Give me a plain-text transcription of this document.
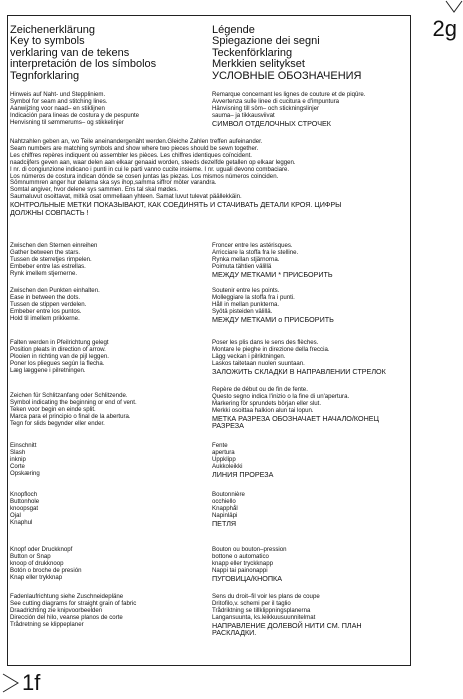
2g
1f
Zeichenerklärung
Key to symbols
verklaring van de tekens
interpretación de los símbolos
Tegnforklaring
Légende
Spiegazione dei segni
Teckenförklaring
Merkkien selitykset
УСЛОВНЫЕ ОБОЗНАЧЕНИЯ
Hinweis auf Naht- und Steppliniem.
Symbol for seam and stitching lines.
Aanwijzing voor naad– en stiklijnen
Indicación para lineas de costura y de pespunte
Henvisning til sømmerums– og stikkelinjer
Remarque concernant les lignes de couture et de piqûre.
Avvertenza sulle linee di cucitura e d'impuntura
Hänvisning till söm– och stickningslinjer
sauma– ja tikkausviivat
СИМВОЛ ОТДЕЛОЧНЫХ СТРОЧЕК
Nahtzahlen geben an, wo Teile aneinandergenäht werden.Gleiche Zahlen treffen aufeinander.
Seam numbers are matching symbols and show where two pieces should be sewn together.
Les chiffres repères indiquent où assembler les pièces. Les chiffres identiques coïncident.
naadcijfers geven aan, waar delen aan elkaar genaaid worden, steeds dezelfde getallen op elkaar leggen.
I nr. di congiunzione indicano i punti in cui le parti vanno cucite insieme. I nr. uguali devono combaciare.
Los números de costura indican dónde se cosen juntas las piezas. Los mismos números coinciden.
Sömnummren anger hur delarna ska sys ihop,samma siffror möter varandra.
Somtal angiver, hvor delene sys sammen. Ens tal skal mødes.
Saumaluvut osoittavat, mitkä osat ommellaan yhteen. Samat luvut tulevat päällekkäin.
КОНТРОЛЬНЫЕ МЕТКИ ПОКАЗЫВАЮТ, КАК СОЕДИНЯТЬ И СТАЧИВАТЬ ДЕТАЛИ КРОЯ. ЦИФРЫ
ДОЛЖНЫ СОВПАСТЬ !
Zwischen den Sternen einreihen
Gather between the stars.
Tussen de sterretjes rimpelen.
Embeber entre las estrellas.
Rynk imellem stjernerne.
Froncer entre les astérisques.
Arricciare la stoffa fra le stelline.
Rynka mellan stjärnorna.
Poimuta tähtien välillä
МЕЖДУ МЕТКАМИ * ПРИСБОРИТЬ
Zwischen den Punkten einhalten.
Ease in between the dots.
Tussen de stippen verdelen.
Embeber entre los puntos.
Hold til imellem prikkerne.
Soutenir entre les points.
Molleggiare la stoffa fra i punti.
Håll in mellan punkterna.
Syötä pisteiden välillä.
МЕЖДУ МЕТКАМИ о ПРИСБОРИТЬ
Falten werden in Pfeilrichtung gelegt
Position pleats in direction of arrow.
Plooien in richting van de pijl leggen.
Poner los pliegues según la flecha.
Læg læggene i pilretningen.
Poser les plis dans le sens des flèches.
Montare le pieghe in direzione della freccia.
Lägg veckan i pilriktningen.
Laskos taitetaan nuolen suuntaan.
ЗАЛОЖИТЬ СКЛАДКИ В НАПРАВЛЕНИИ СТРЕЛОК
Zeichen für Schlitzanfang oder Schlitzende.
Symbol indicating the beginning or end of vent.
Teken voor begin en einde split.
Marca para el principio o final de la abertura.
Tegn for slids begynder eller ender.
Repère de début ou de fin de fente.
Questo segno indica l'inizio o la fine di un'apertura.
Markering för sprundets början eller slut.
Merkki osoittaa halkion alun tai lopun.
МЕТКА РАЗРЕЗА ОБОЗНАЧАЕТ НАЧАЛО/КОНЕЦ
РАЗРЕЗА
Einschnitt
Slash
inknip
Corte
Opskæring
Fente
apertura
Uppklipp
Aukkoleikki
ЛИНИЯ ПРОРЕЗА
Knopfloch
Buttonhole
knoopsgat
Ojal
Knaphul
Boutonnière
occhiello
Knapphål
Napinläpi
ПЕТЛЯ
Knopf oder Druckknopf
Button or Snap
knoop of drukknoop
Botón o broche de presión
Knap eller trykknap
Bouton ou bouton–pression
bottone o automatico
knapp eller tryckknapp
Nappi tai painonappi
ПУГОВИЦА/КНОПКА
Fadenlaufrichtung siehe Zuschneidepläne
See cutting diagrams for straight grain of fabric
Draadrichting zie knipvoorbeelden
Dirección del hilo, veanse planos de corte
Trådretning se klippeplaner
Sens du droit–fil voir les plans de coupe
Dritofilo,v. schemi per il taglio
Trådriktning se tillklippningsplanerna
Langansuunta, ks.leikkuusuunnitelmat
НАПРАВЛЕНИЕ ДОЛЕВОЙ НИТИ СМ. ПЛАН
РАСКЛАДКИ.
